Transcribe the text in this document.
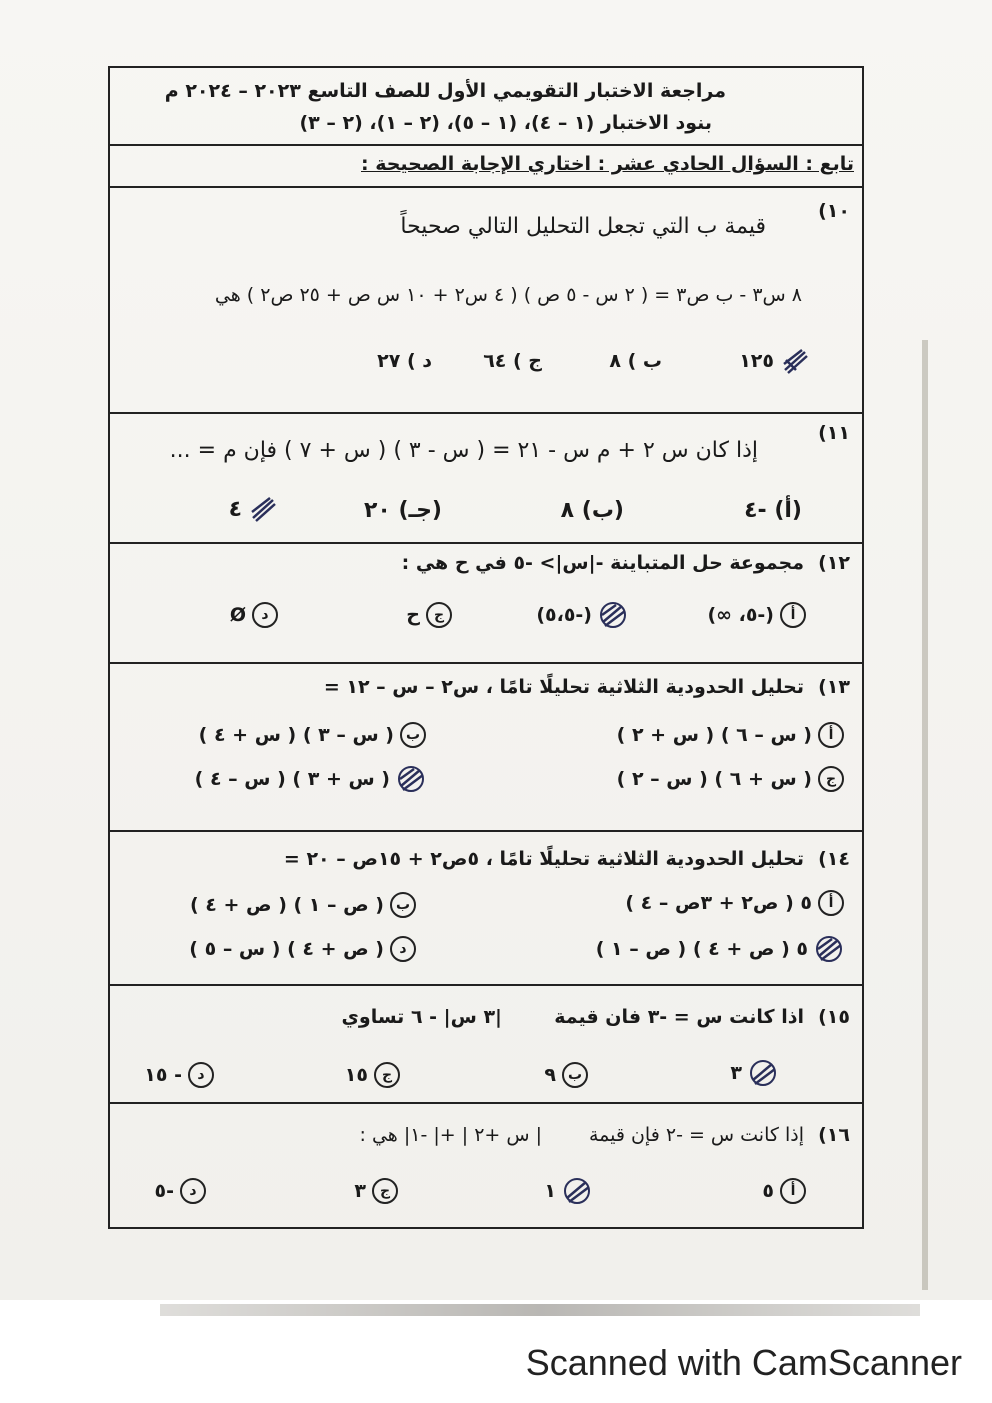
مراجعة الاختبار التقويمي الأول للصف التاسع ٢٠٢٣ – ٢٠٢٤ م
بنود الاختبار (١ – ٤)، (١ – ٥)، (٢ – ١)، (٢ – ٣)
تابع : السؤال الحادي عشر : اختاري الإجابة الصحيحة :
١٠)
قيمة ب التي تجعل التحليل التالي صحيحاً
٨ س٣ - ب ص٣ = ( ٢ س - ٥ ص ) ( ٤ س٢ + ١٠ س ص + ٢٥ ص٢ ) هي
١٢٥
ب ) ٨
ج ) ٦٤
د ) ٢٧
١١)
إذا كان س ٢ + م س - ٢١ = ( س - ٣ ) ( س + ٧ ) فإن م = ...
(أ) -٤
(ب) ٨
(جـ) ٢٠
٤
١٢)
مجموعة حل المتباينة -|س|> -٥ في ح هي :
أ
(-٥، ∞)
(-٥،٥)
ج
ح
د
Ø
١٣)
تحليل الحدودية الثلاثية تحليلًا تامًا ، س٢ – س – ١٢ =
أ
( س – ٦ ) ( س + ٢ )
ب
( س – ٣ ) ( س + ٤ )
ج
( س + ٦ ) ( س – ٢ )
( س + ٣ ) ( س – ٤ )
١٤)
تحليل الحدودية الثلاثية تحليلًا تامًا ، ٥ص٢ + ١٥ص – ٢٠ =
أ
٥ ( ص٢ + ٣ص – ٤ )
ب
( ص – ١ ) ( ص + ٤ )
٥ ( ص + ٤ ) ( ص – ١ )
د
( ص + ٤ ) ( س – ٥ )
١٥)
اذا كانت س = -٣ فان قيمة
|٣ س| - ٦ تساوي
٣
ب
٩
ج
١٥
د
- ١٥
١٦)
إذا كانت س = -٢ فإن قيمة
| س +٢ | +| -١| هي :
أ
٥
١
ج
٣
د
-٥
Scanned with CamScanner
